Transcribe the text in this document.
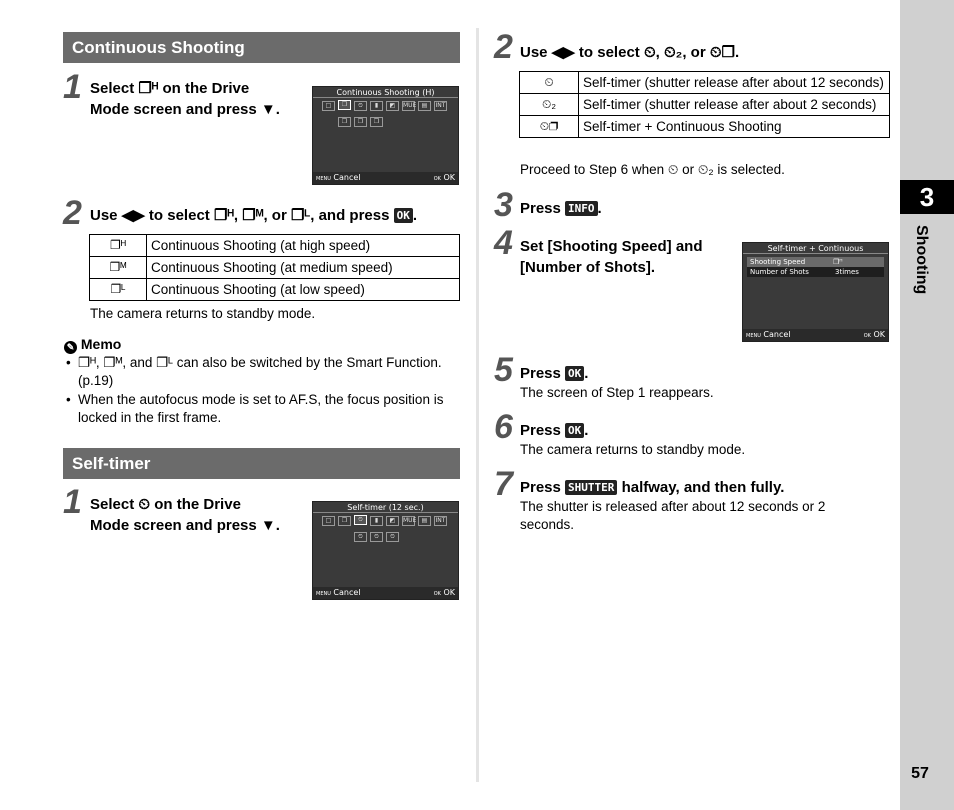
3
Shooting
57
Continuous Shooting
1 Select ❐ᴴ on the Drive
Mode screen and press ▼.
Continuous Shooting (H)
□	❐	⏲	▮	◩	MUE ▤	INT
❐	❐	❐
MENU Cancel	OK OK
2 Use ◀▶ to select ❐ᴴ, ❐ᴹ, or ❐ᴸ, and press OK .
❐ᴴ	Continuous Shooting (at high speed)
❐ᴹ	Continuous Shooting (at medium speed)
❐ᴸ	Continuous Shooting (at low speed)
The camera returns to standby mode.
✎ Memo
• ❐ᴴ, ❐ᴹ, and ❐ᴸ can also be switched by the Smart Function. (p.19)
• When the autofocus mode is set to AF.S, the focus position is locked in the first frame.
Self-timer
1 Select ⏲ on the Drive
Mode screen and press ▼.
Self-timer (12 sec.)
□	❐	⏲	▮	◩	MUE ▤	INT
⏲	⏲	⏲
MENU Cancel	OK OK
2 Use ◀▶ to select ⏲, ⏲₂, or ⏲❐.
⏲	Self-timer (shutter release after about 12 seconds)
⏲₂	Self-timer (shutter release after about 2 seconds)
⏲❐	Self-timer + Continuous Shooting
Proceed to Step 6 when ⏲ or ⏲₂ is selected.
3 Press INFO .
4 Set [Shooting Speed] and
[Number of Shots].
Self-timer + Continuous
Shooting Speed	❐ᴴ
Number of Shots	3times
MENU Cancel	OK OK
5 Press OK .
The screen of Step 1 reappears.
6 Press OK .
The camera returns to standby mode.
7 Press SHUTTER halfway, and then fully.
The shutter is released after about 12 seconds or 2 seconds.
